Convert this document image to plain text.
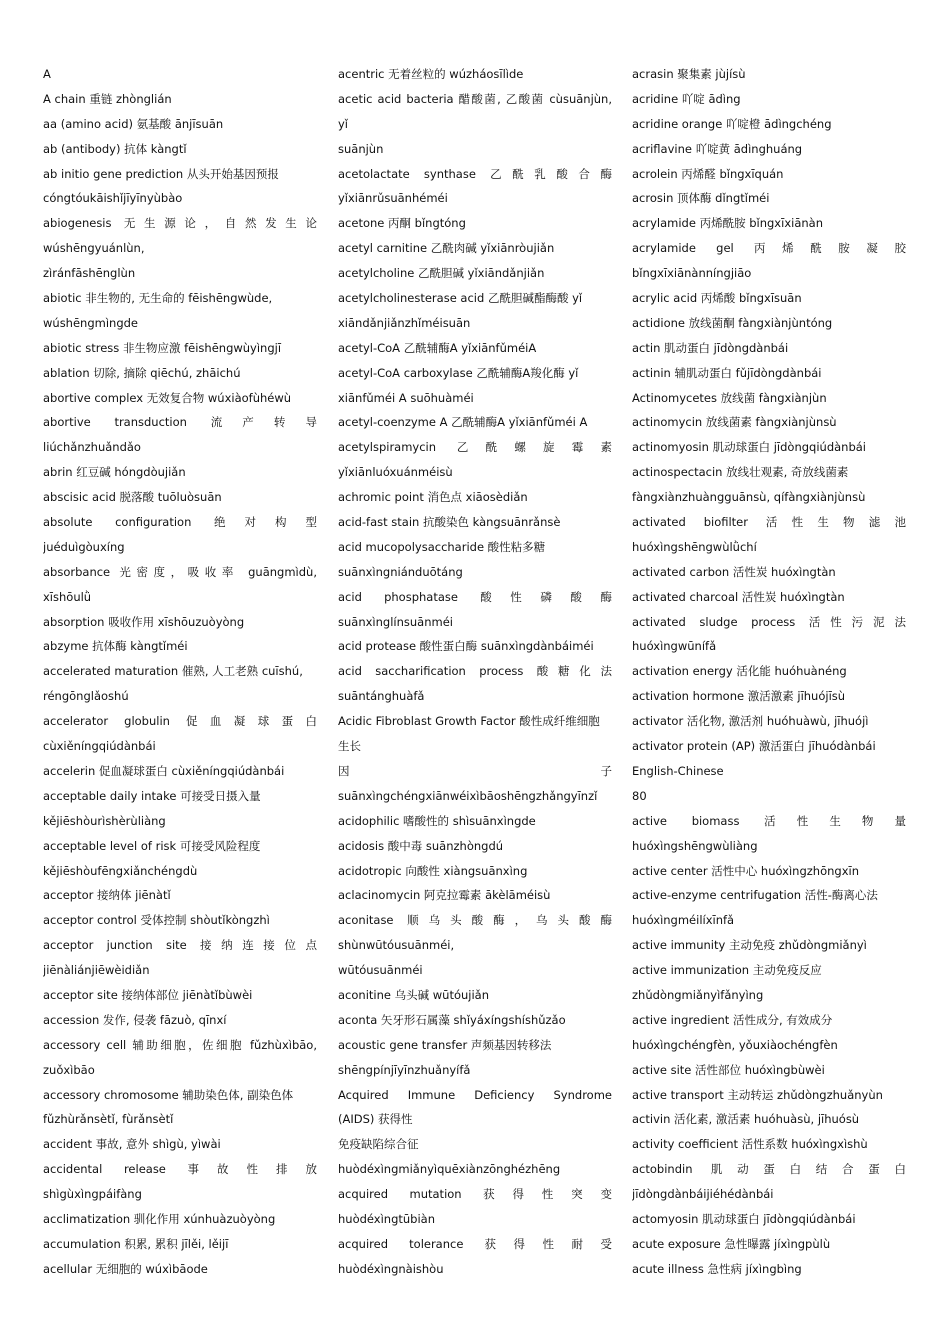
A
A chain 重链 zhònglián
aa (amino acid) 氨基酸 ānjīsuān
ab (antibody) 抗体 kàngtǐ
ab initio gene prediction 从头开始基因预报
cóngtóukāishǐjīyīnyùbào
abiogenesis 无生源论，自然发生论
wúshēngyuánlùn,
zìránfāshēnglùn
abiotic 非生物的, 无生命的 fēishēngwùde,
wúshēngmìngde
abiotic stress 非生物应激 fēishēngwùyìngjī
ablation 切除, 摘除 qiēchú, zhāichú
abortive complex 无效复合物 wúxiàofùhéwù
abortive transduction 流产转导
liúchǎnzhuǎndǎo
abrin 红豆碱 hóngdòujiǎn
abscisic acid 脱落酸 tuōluòsuān
absolute configuration 绝对构型
juéduìgòuxíng
absorbance 光密度，吸收率 guāngmìdù,
xīshōulǜ
absorption 吸收作用 xīshōuzuòyòng
abzyme 抗体酶 kàngtǐméi
accelerated maturation 催熟, 人工老熟 cuīshú,
réngōnglǎoshú
accelerator globulin 促血凝球蛋白
cùxiěníngqiúdànbái
accelerin 促血凝球蛋白 cùxiěníngqiúdànbái
acceptable daily intake 可接受日摄入量
kějiēshòurìshèrùliàng
acceptable level of risk 可接受风险程度
kějiēshòufēngxiǎnchéngdù
acceptor 接纳体 jiēnàtǐ
acceptor control 受体控制 shòutǐkòngzhì
acceptor junction site 接纳连接位点
jiēnàliánjiēwèidiǎn
acceptor site 接纳体部位 jiēnàtǐbùwèi
accession 发作, 侵袭 fāzuò, qīnxí
accessory cell 辅助细胞，佐细胞 fǔzhùxìbāo,
zuǒxìbāo
accessory chromosome 辅助染色体, 副染色体
fǔzhùrǎnsètǐ, fùrǎnsètǐ
accident 事故, 意外 shìgù, yìwài
accidental release 事故性排放
shìgùxìngpáifàng
acclimatization 驯化作用 xúnhuàzuòyòng
accumulation 积累, 累积 jīlěi, lěijī
acellular 无细胞的 wúxìbāode
acentric 无着丝粒的 wúzháosīlìde
acetic acid bacteria 醋酸菌, 乙酸菌 cùsuānjùn,
yǐ
suānjùn
acetolactate synthase 乙酰乳酸合酶
yǐxiānrǔsuānhéméi
acetone 丙酮 bǐngtóng
acetyl carnitine 乙酰肉碱 yǐxiānròujiǎn
acetylcholine 乙酰胆碱 yǐxiāndǎnjiǎn
acetylcholinesterase acid 乙酰胆碱酯酶酸 yǐ
xiāndǎnjiǎnzhǐméisuān
acetyl-CoA 乙酰辅酶A yǐxiānfǔméiA
acetyl-CoA carboxylase 乙酰辅酶A羧化酶 yǐ
xiānfǔméi A suōhuàméi
acetyl-coenzyme A 乙酰辅酶A yǐxiānfǔméi A
acetylspiramycin 乙酰螺旋霉素
yǐxiānluóxuánméisù
achromic point 消色点 xiāosèdiǎn
acid-fast stain 抗酸染色 kàngsuānrǎnsè
acid mucopolysaccharide 酸性粘多糖
suānxìngniánduōtáng
acid phosphatase 酸性磷酸酶
suānxìnglínsuānméi
acid protease 酸性蛋白酶 suānxìngdànbáiméi
acid saccharification process 酸糖化法
suāntánghuàfǎ
Acidic Fibroblast Growth Factor 酸性成纤维细胞
生长
因 子
suānxìngchéngxiānwéixìbāoshēngzhǎngyīnzǐ
acidophilic 嗜酸性的 shìsuānxìngde
acidosis 酸中毒 suānzhòngdú
acidotropic 向酸性 xiàngsuānxìng
aclacinomycin 阿克拉霉素 ākèlāméisù
aconitase 顺乌头酸酶，乌头酸酶
shùnwūtóusuānméi,
wūtóusuānméi
aconitine 乌头碱 wūtóujiǎn
aconta 矢牙形石属藻 shǐyáxíngshíshǔzǎo
acoustic gene transfer 声频基因转移法
shēngpínjīyīnzhuǎnyífǎ
Acquired Immune Deficiency Syndrome
(AIDS) 获得性
免疫缺陷综合征
huòdéxìngmiǎnyìquēxiànzōnghézhēng
acquired mutation 获得性突变
huòdéxìngtūbiàn
acquired tolerance 获得性耐受
huòdéxìngnàishòu
acrasin 聚集素 jùjísù
acridine 吖啶 ādìng
acridine orange 吖啶橙 ādìngchéng
acriflavine 吖啶黄 ādìnghuáng
acrolein 丙烯醛 bǐngxīquán
acrosin 顶体酶 dǐngtǐméi
acrylamide 丙烯酰胺 bǐngxīxiānàn
acrylamide gel 丙烯酰胺凝胶
bǐngxīxiānànníngjiāo
acrylic acid 丙烯酸 bǐngxīsuān
actidione 放线菌酮 fàngxiànjùntóng
actin 肌动蛋白 jīdòngdànbái
actinin 辅肌动蛋白 fǔjīdòngdànbái
Actinomycetes 放线菌 fàngxiànjùn
actinomycin 放线菌素 fàngxiànjùnsù
actinomyosin 肌动球蛋白 jīdòngqiúdànbái
actinospectacin 放线壮观素, 奇放线菌素
fàngxiànzhuàngguānsù, qífàngxiànjùnsù
activated biofilter 活性生物滤池
huóxìngshēngwùlǜchí
activated carbon 活性炭 huóxìngtàn
activated charcoal 活性炭 huóxìngtàn
activated sludge process 活性污泥法
huóxìngwūnífǎ
activation energy 活化能 huóhuànéng
activation hormone 激活激素 jīhuójīsù
activator 活化物, 激活剂 huóhuàwù, jīhuójì
activator protein (AP) 激活蛋白 jīhuódànbái
English-Chinese
80
active biomass 活性生物量
huóxìngshēngwùliàng
active center 活性中心 huóxìngzhōngxīn
active-enzyme centrifugation 活性-酶离心法
huóxìngméilíxīnfǎ
active immunity 主动免疫 zhǔdòngmiǎnyì
active immunization 主动免疫反应
zhǔdòngmiǎnyìfǎnyìng
active ingredient 活性成分, 有效成分
huóxìngchéngfèn, yǒuxiàochéngfèn
active site 活性部位 huóxìngbùwèi
active transport 主动转运 zhǔdòngzhuǎnyùn
activin 活化素, 激活素 huóhuàsù, jīhuósù
activity coefficient 活性系数 huóxìngxìshù
actobindin 肌动蛋白结合蛋白
jīdòngdànbáijiéhédànbái
actomyosin 肌动球蛋白 jīdòngqiúdànbái
acute exposure 急性曝露 jíxìngpùlù
acute illness 急性病 jíxìngbìng
